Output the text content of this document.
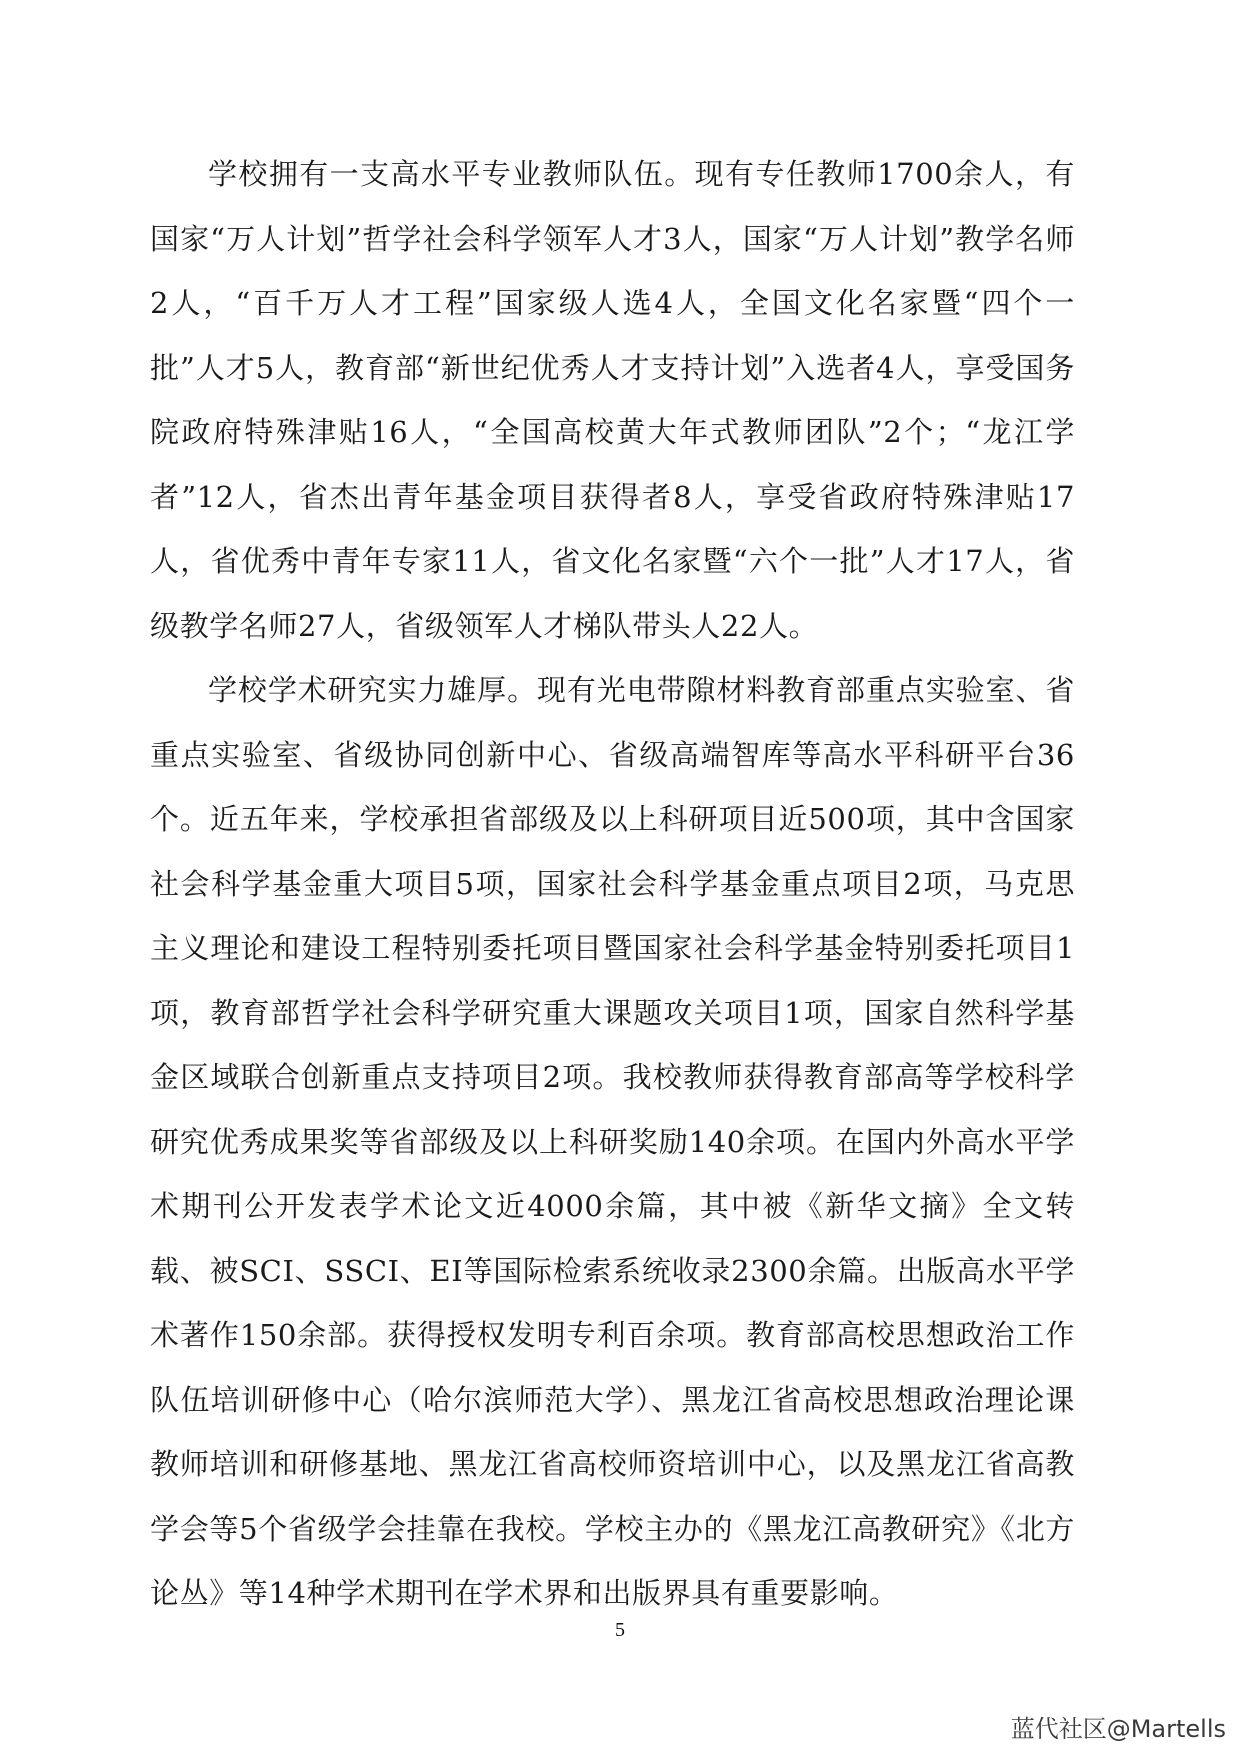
学校拥有一支高水平专业教师队伍。现有专任教师1700余人，有国家“万人计划”哲学社会科学领军人才3人，国家“万人计划”教学名师2人，“百千万人才工程”国家级人选4人，全国文化名家暨“四个一批”人才5人，教育部“新世纪优秀人才支持计划”入选者4人，享受国务院政府特殊津贴16人，“全国高校黄大年式教师团队”2个；“龙江学者”12人，省杰出青年基金项目获得者8人，享受省政府特殊津贴17人，省优秀中青年专家11人，省文化名家暨“六个一批”人才17人，省级教学名师27人，省级领军人才梯队带头人22人。

学校学术研究实力雄厚。现有光电带隙材料教育部重点实验室、省重点实验室、省级协同创新中心、省级高端智库等高水平科研平台36个。近五年来，学校承担省部级及以上科研项目近500项，其中含国家社会科学基金重大项目5项，国家社会科学基金重点项目2项，马克思主义理论和建设工程特别委托项目暨国家社会科学基金特别委托项目1项，教育部哲学社会科学研究重大课题攻关项目1项，国家自然科学基金区域联合创新重点支持项目2项。我校教师获得教育部高等学校科学研究优秀成果奖等省部级及以上科研奖励140余项。在国内外高水平学术期刊公开发表学术论文近4000余篇，其中被《新华文摘》全文转载、被SCI、SSCI、EI等国际检索系统收录2300余篇。出版高水平学术著作150余部。获得授权发明专利百余项。教育部高校思想政治工作队伍培训研修中心（哈尔滨师范大学）、黑龙江省高校思想政治理论课教师培训和研修基地、黑龙江省高校师资培训中心，以及黑龙江省高教学会等5个省级学会挂靠在我校。学校主办的《黑龙江高教研究》《北方论丛》等14种学术期刊在学术界和出版界具有重要影响。

5
蓝代社区@Martells
